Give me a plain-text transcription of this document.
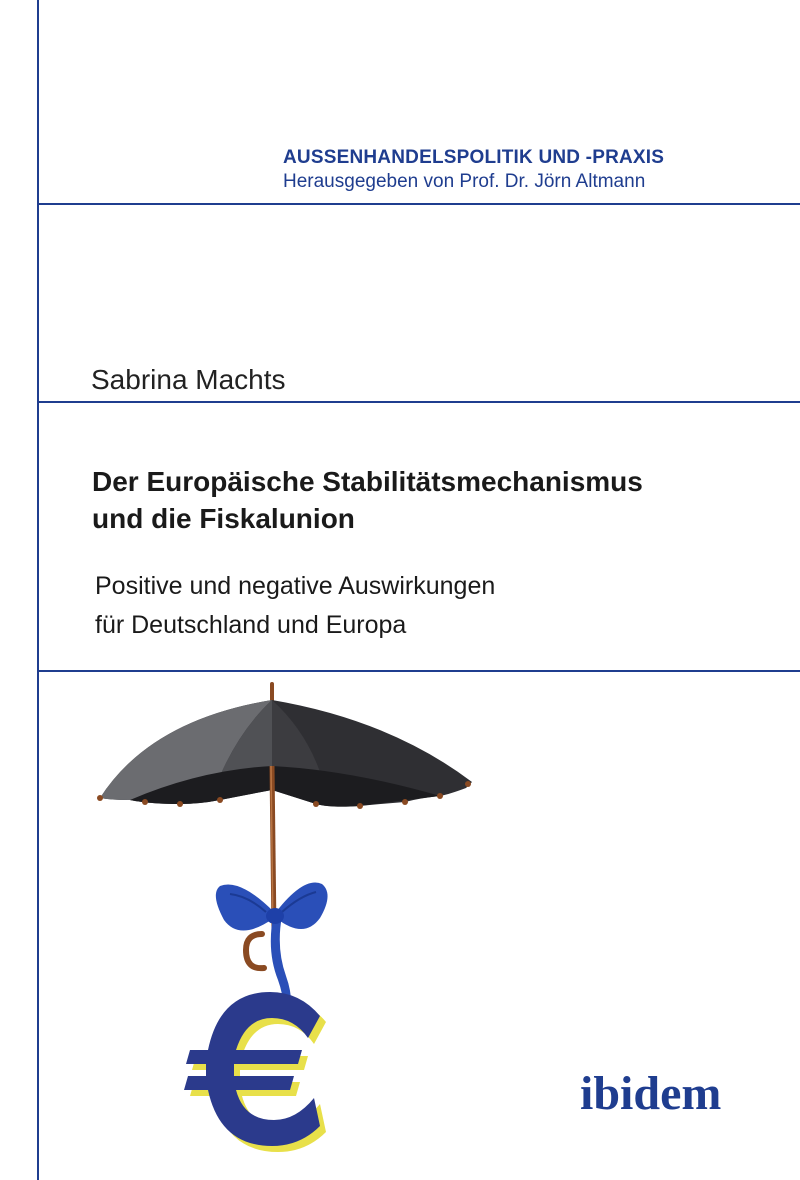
AUSSENHANDELSPOLITIK UND -PRAXIS
Herausgegeben von Prof. Dr. Jörn Altmann
Sabrina Machts
Der Europäische Stabilitätsmechanismus
und die Fiskalunion
Positive und negative Auswirkungen
für Deutschland und Europa
ibidem
